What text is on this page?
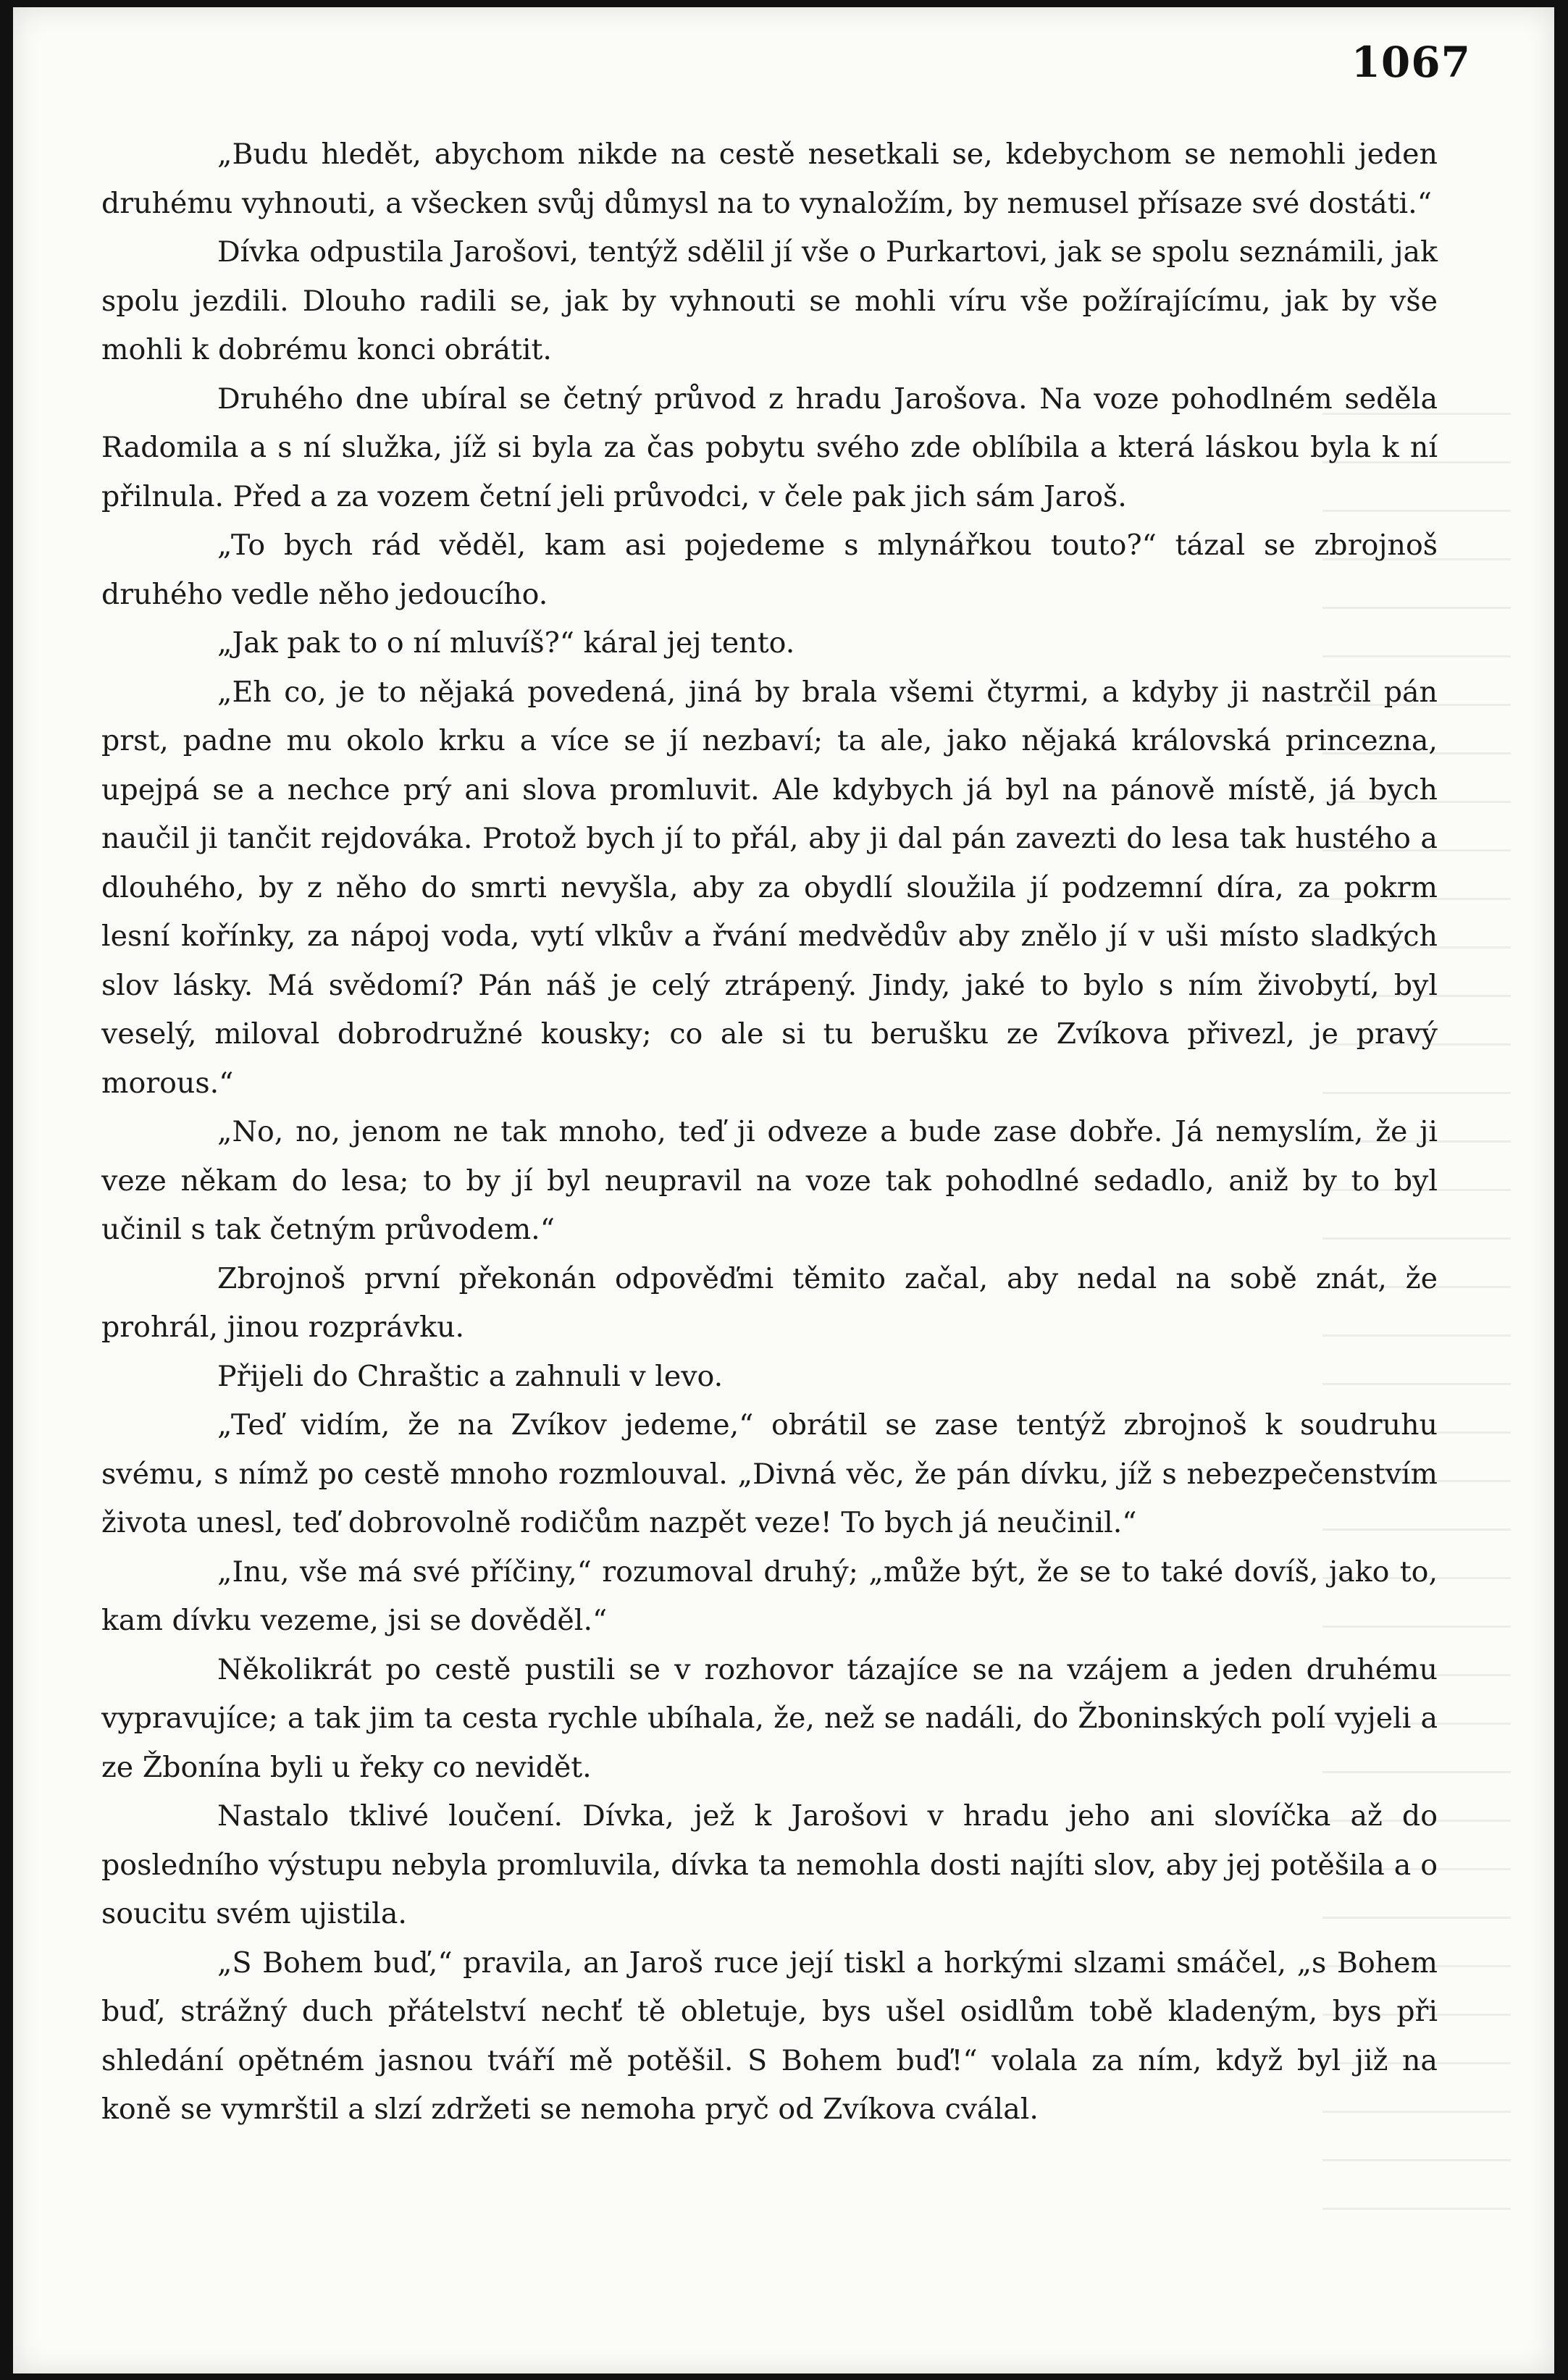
1067

„Budu hledět, abychom nikde na cestě nesetkali se, kdebychom se nemohli jeden druhému vyhnouti, a všecken svůj důmysl na to vynaložím, by nemusel přísaze své dostáti.“

Dívka odpustila Jarošovi, tentýž sdělil jí vše o Purkartovi, jak se spolu seznámili, jak spolu jezdili. Dlouho radili se, jak by vyhnouti se mohli víru vše požírajícímu, jak by vše mohli k dobrému konci obrátit.

Druhého dne ubíral se četný průvod z hradu Jarošova. Na voze pohodlném seděla Radomila a s ní služka, jíž si byla za čas pobytu svého zde oblíbila a která láskou byla k ní přilnula. Před a za vozem četní jeli průvodci, v čele pak jich sám Jaroš.

„To bych rád věděl, kam asi pojedeme s mlynářkou touto?“ tázal se zbrojnoš druhého vedle něho jedoucího.

„Jak pak to o ní mluvíš?“ káral jej tento.

„Eh co, je to nějaká povedená, jiná by brala všemi čtyrmi, a kdyby ji nastrčil pán prst, padne mu okolo krku a více se jí nezbaví; ta ale, jako nějaká královská princezna, upejpá se a nechce prý ani slova promluvit. Ale kdybych já byl na pánově místě, já bych naučil ji tančit rejdováka. Protož bych jí to přál, aby ji dal pán zavezti do lesa tak hustého a dlouhého, by z něho do smrti nevyšla, aby za obydlí sloužila jí podzemní díra, za pokrm lesní kořínky, za nápoj voda, vytí vlkův a řvání medvědův aby znělo jí v uši místo sladkých slov lásky. Má svědomí? Pán náš je celý ztrápený. Jindy, jaké to bylo s ním živobytí, byl veselý, miloval dobrodružné kousky; co ale si tu berušku ze Zvíkova přivezl, je pravý morous.“

„No, no, jenom ne tak mnoho, teď ji odveze a bude zase dobře. Já nemyslím, že ji veze někam do lesa; to by jí byl neupravil na voze tak pohodlné sedadlo, aniž by to byl učinil s tak četným průvodem.“

Zbrojnoš první překonán odpověďmi těmito začal, aby nedal na sobě znát, že prohrál, jinou rozprávku.

Přijeli do Chraštic a zahnuli v levo.

„Teď vidím, že na Zvíkov jedeme,“ obrátil se zase tentýž zbrojnoš k soudruhu svému, s nímž po cestě mnoho rozmlouval. „Divná věc, že pán dívku, jíž s nebezpečenstvím života unesl, teď dobrovolně rodičům nazpět veze! To bych já neučinil.“

„Inu, vše má své příčiny,“ rozumoval druhý; „může být, že se to také dovíš, jako to, kam dívku vezeme, jsi se dověděl.“

Několikrát po cestě pustili se v rozhovor tázajíce se na vzájem a jeden druhému vypravujíce; a tak jim ta cesta rychle ubíhala, že, než se nadáli, do Žboninských polí vyjeli a ze Žbonína byli u řeky co nevidět.

Nastalo tklivé loučení. Dívka, jež k Jarošovi v hradu jeho ani slovíčka až do posledního výstupu nebyla promluvila, dívka ta nemohla dosti najíti slov, aby jej potěšila a o soucitu svém ujistila.

„S Bohem buď,“ pravila, an Jaroš ruce její tiskl a horkými slzami smáčel, „s Bohem buď, strážný duch přátelství nechť tě obletuje, bys ušel osidlům tobě kladeným, bys při shledání opětném jasnou tváří mě potěšil. S Bohem buď!“ volala za ním, když byl již na koně se vymrštil a slzí zdržeti se nemoha pryč od Zvíkova cválal.
